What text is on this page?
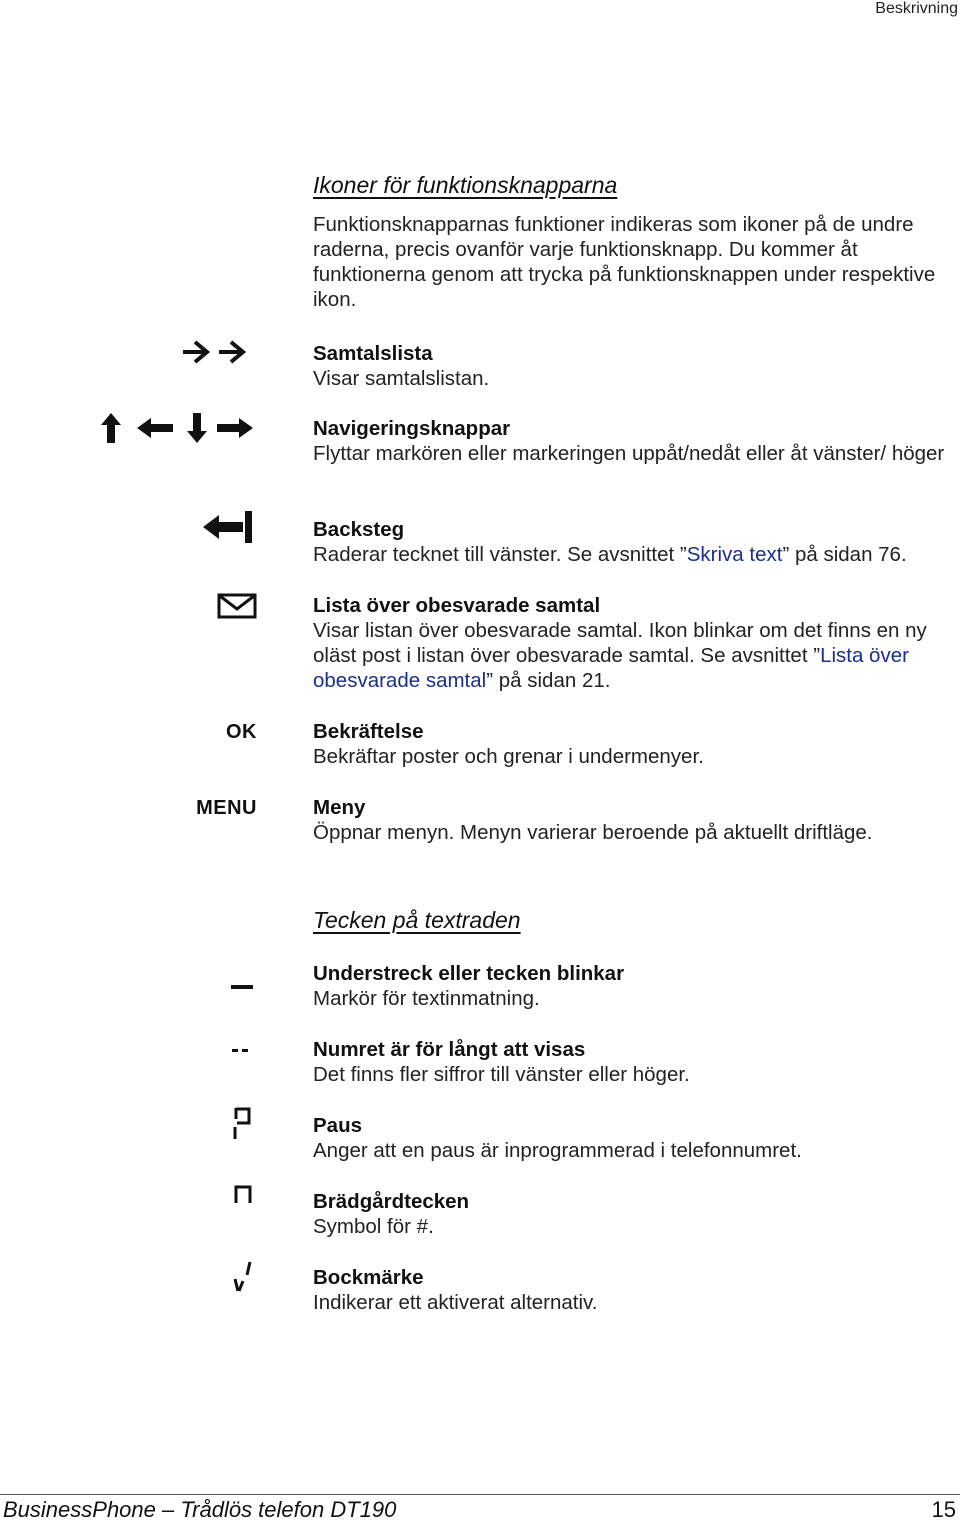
Beskrivning
Ikoner för funktionsknapparna
Funktionsknapparnas funktioner indikeras som ikoner på de undre raderna, precis ovanför varje funktionsknapp. Du kommer åt funktionerna genom att trycka på funktionsknappen under respektive ikon.
Samtalslista
Visar samtalslistan.
Navigeringsknappar
Flyttar markören eller markeringen uppåt/nedåt eller åt vänster/ höger
Backsteg
Raderar tecknet till vänster. Se avsnittet ”Skriva text” på sidan 76.
Lista över obesvarade samtal
Visar listan över obesvarade samtal. Ikon blinkar om det finns en ny oläst post i listan över obesvarade samtal. Se avsnittet ”Lista över obesvarade samtal” på sidan 21.
OK	Bekräftelse
Bekräftar poster och grenar i undermenyer.
MENU	Meny
Öppnar menyn. Menyn varierar beroende på aktuellt driftläge.
Tecken på textraden
Understreck eller tecken blinkar
Markör för textinmatning.
Numret är för långt att visas
Det finns fler siffror till vänster eller höger.
Paus
Anger att en paus är inprogrammerad i telefonnumret.
Brädgårdtecken
Symbol för #.
Bockmärke
Indikerar ett aktiverat alternativ.
BusinessPhone – Trådlös telefon DT190	15
